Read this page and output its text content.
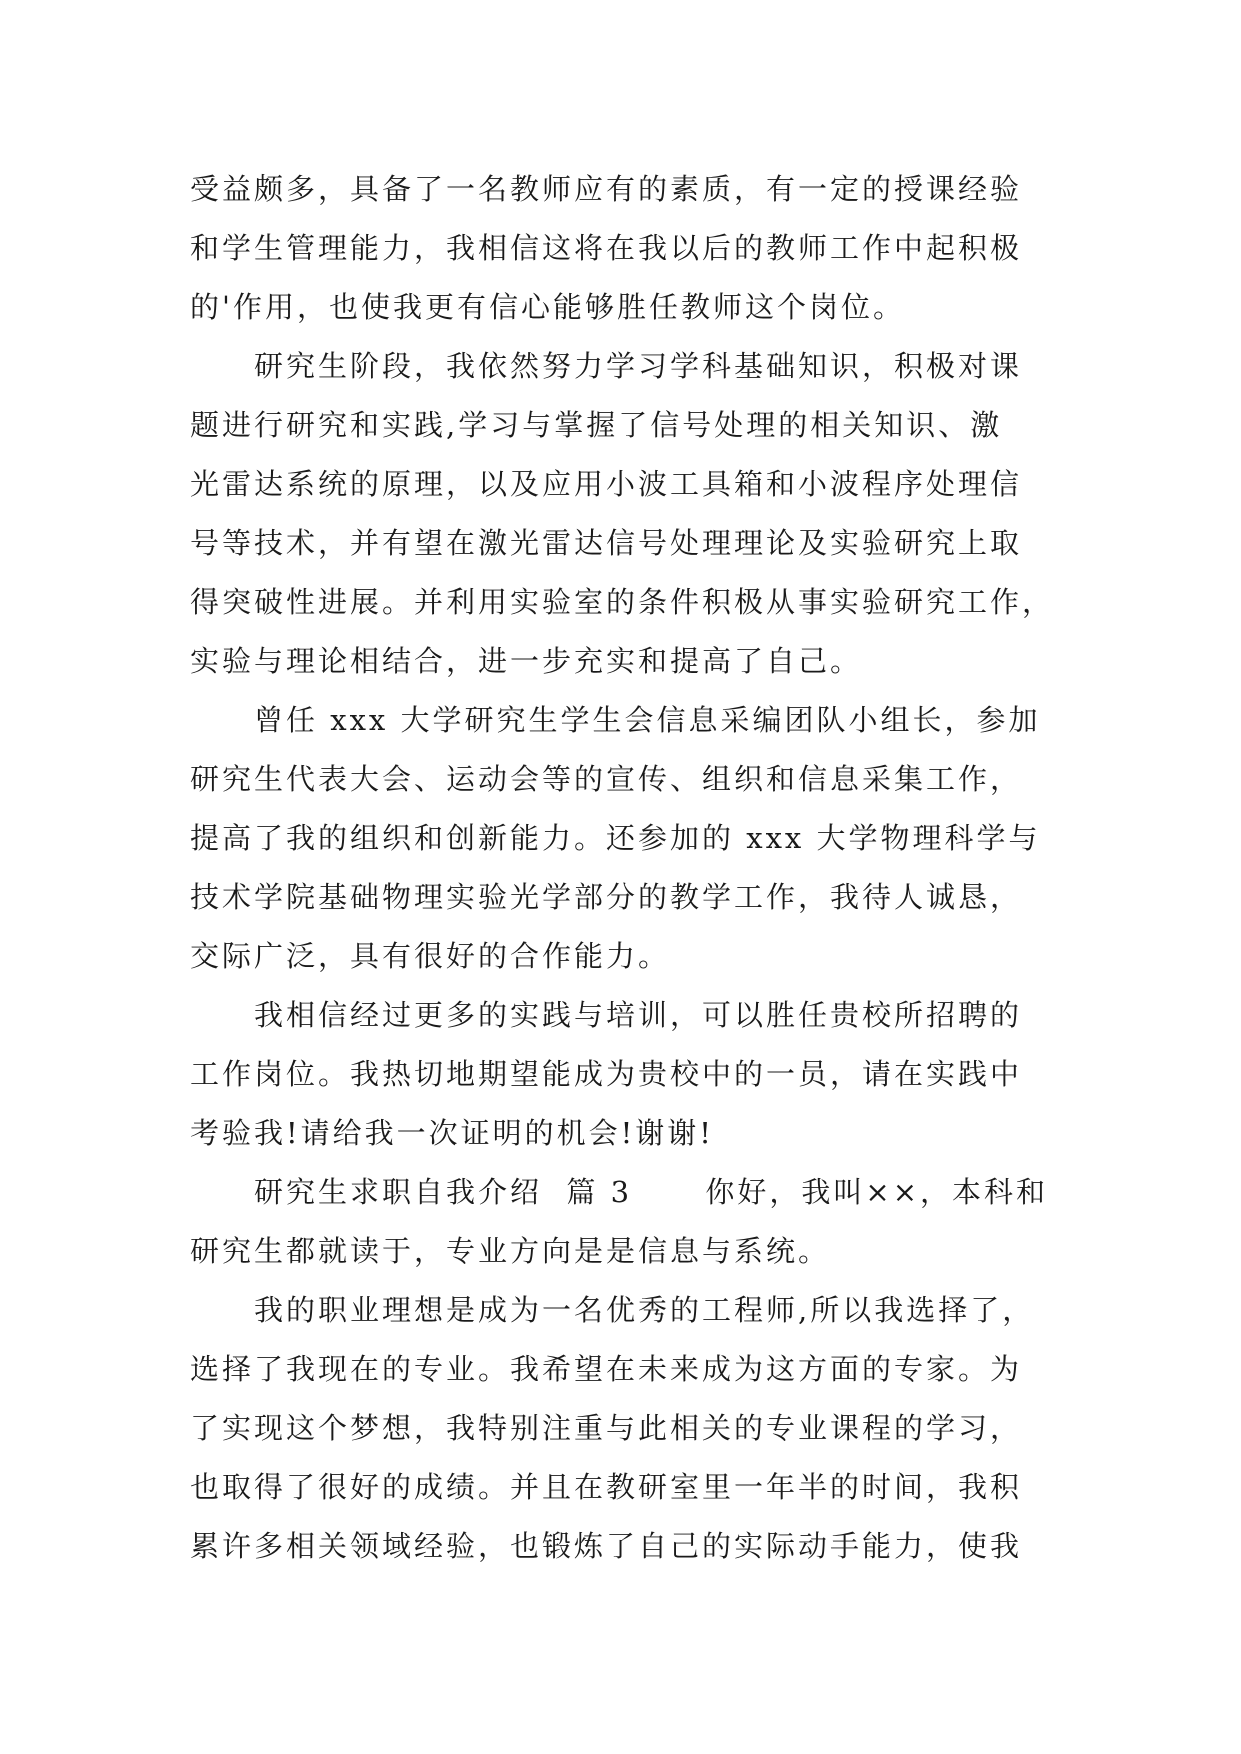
受益颇多，具备了一名教师应有的素质，有一定的授课经验
和学生管理能力，我相信这将在我以后的教师工作中起积极
的'作用，也使我更有信心能够胜任教师这个岗位。
研究生阶段，我依然努力学习学科基础知识，积极对课
题进行研究和实践,学习与掌握了信号处理的相关知识、激
光雷达系统的原理，以及应用小波工具箱和小波程序处理信
号等技术，并有望在激光雷达信号处理理论及实验研究上取
得突破性进展。并利用实验室的条件积极从事实验研究工作，
实验与理论相结合，进一步充实和提高了自己。
曾任 xxx 大学研究生学生会信息采编团队小组长，参加
研究生代表大会、运动会等的宣传、组织和信息采集工作，
提高了我的组织和创新能力。还参加的 xxx 大学物理科学与
技术学院基础物理实验光学部分的教学工作，我待人诚恳，
交际广泛，具有很好的合作能力。
我相信经过更多的实践与培训，可以胜任贵校所招聘的
工作岗位。我热切地期望能成为贵校中的一员，请在实践中
考验我!请给我一次证明的机会!谢谢!
研究生求职自我介绍  篇 3      你好，我叫××，本科和
研究生都就读于，专业方向是是信息与系统。
我的职业理想是成为一名优秀的工程师,所以我选择了，
选择了我现在的专业。我希望在未来成为这方面的专家。为
了实现这个梦想，我特别注重与此相关的专业课程的学习，
也取得了很好的成绩。并且在教研室里一年半的时间，我积
累许多相关领域经验，也锻炼了自己的实际动手能力，使我
